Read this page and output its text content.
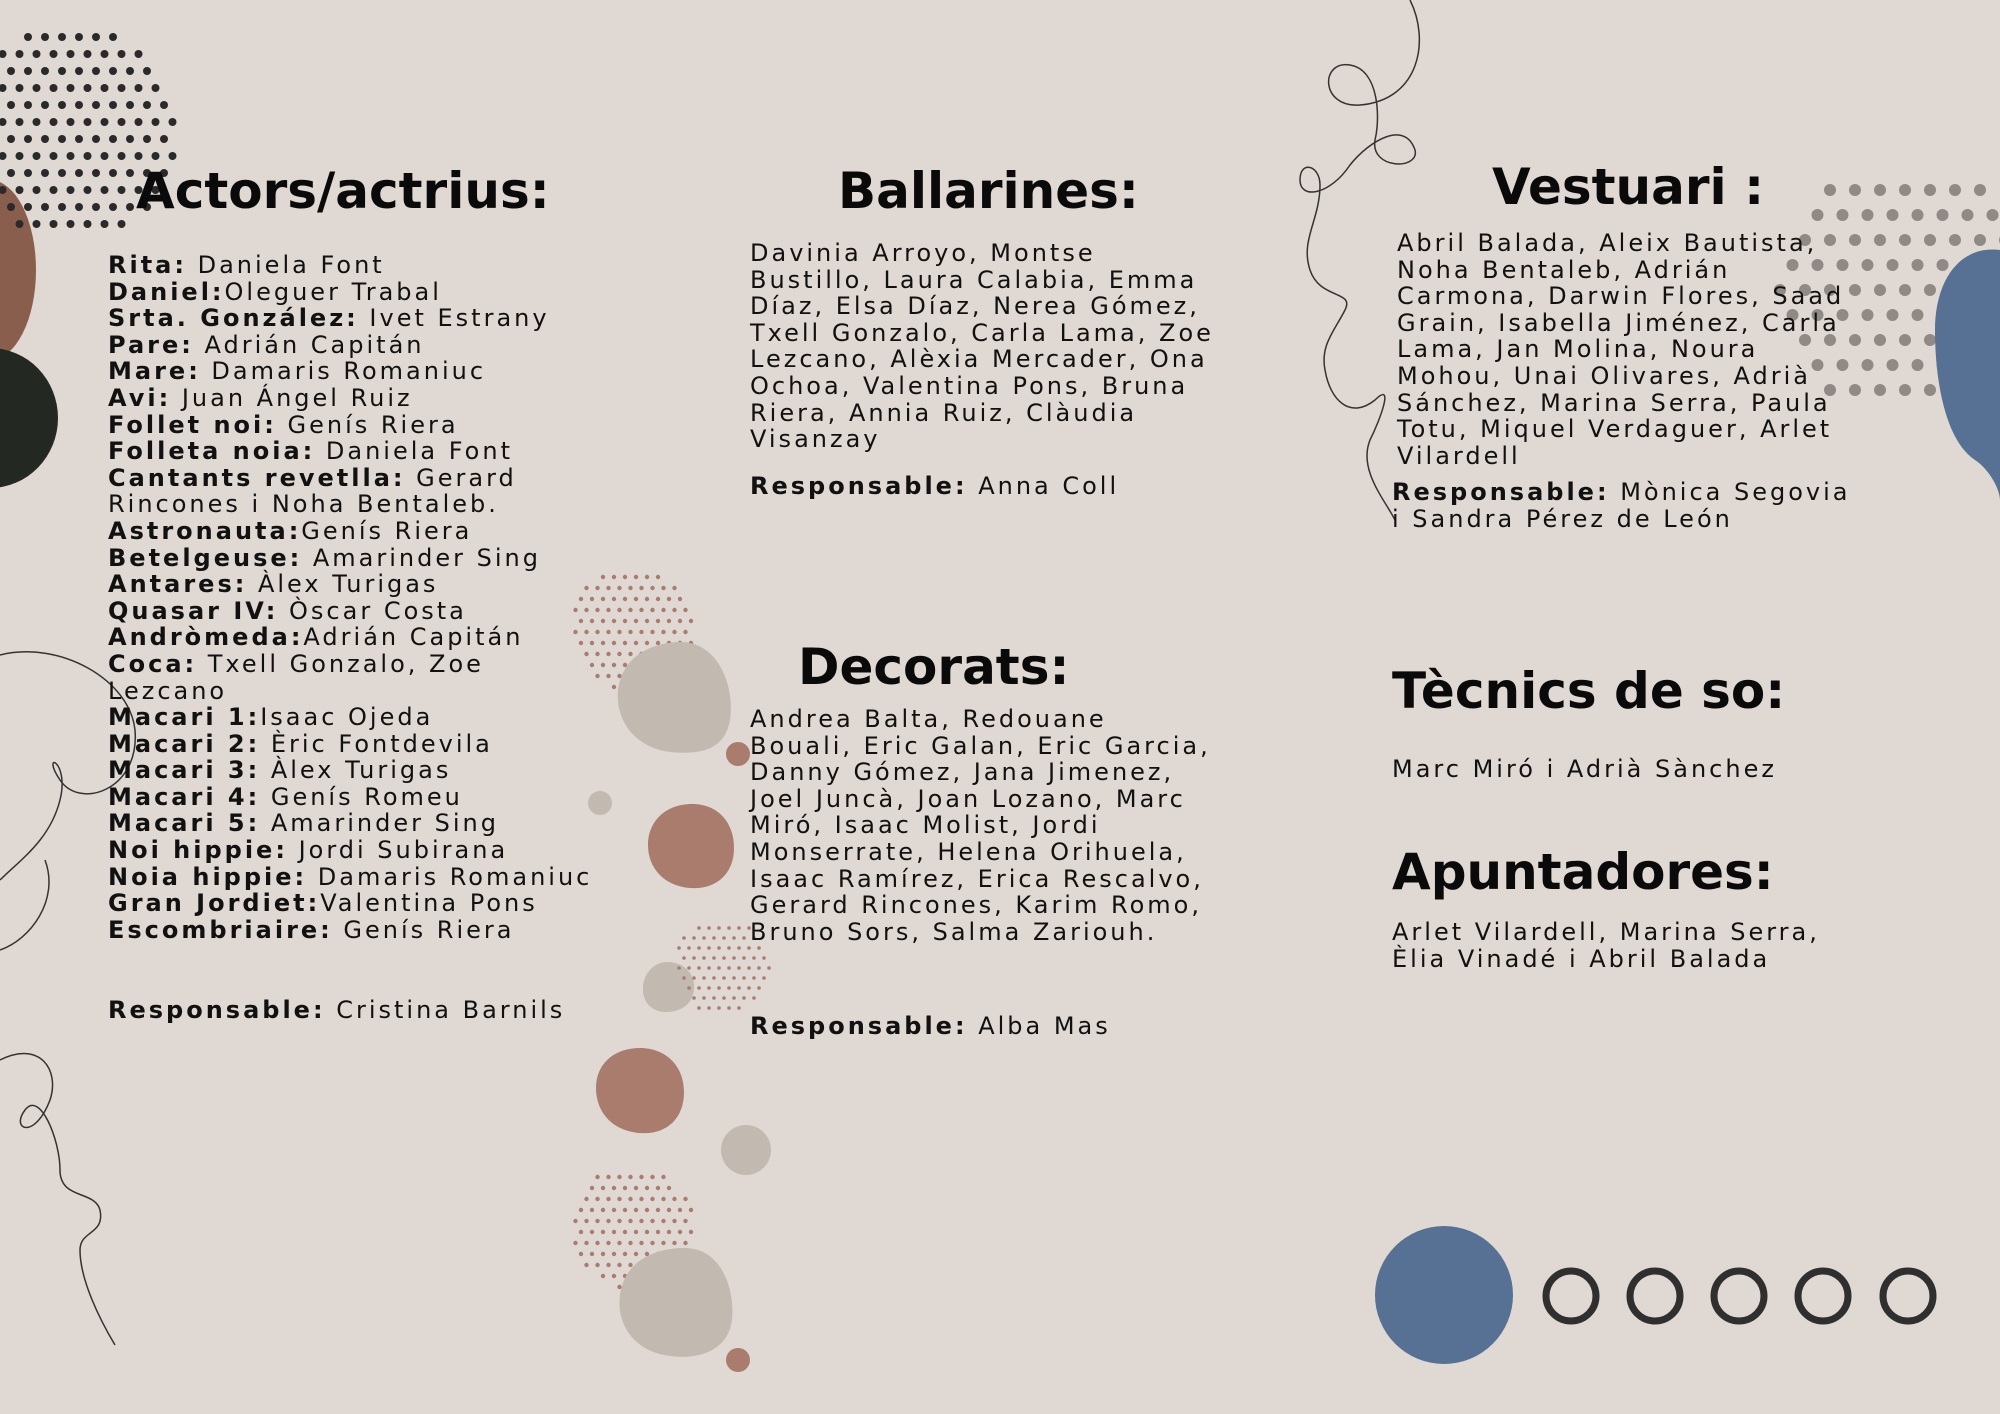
Actors/actrius:
Rita: Daniela Font
Daniel:Oleguer Trabal
Srta. González: Ivet Estrany
Pare: Adrián Capitán
Mare: Damaris Romaniuc
Avi: Juan Ángel Ruiz
Follet noi: Genís Riera
Folleta noia: Daniela Font
Cantants revetlla: Gerard Rincones i Noha Bentaleb.
Astronauta:Genís Riera
Betelgeuse: Amarinder Sing
Antares: Àlex Turigas
Quasar IV: Òscar Costa
Andròmeda:Adrián Capitán
Coca: Txell Gonzalo, Zoe Lezcano
Macari 1:Isaac Ojeda
Macari 2: Èric Fontdevila
Macari 3: Àlex Turigas
Macari 4: Genís Romeu
Macari 5: Amarinder Sing
Noi hippie: Jordi Subirana
Noia hippie: Damaris Romaniuc
Gran Jordiet:Valentina Pons
Escombriaire: Genís Riera
Responsable: Cristina Barnils
Ballarines:
Davinia Arroyo, Montse Bustillo, Laura Calabia, Emma Díaz, Elsa Díaz, Nerea Gómez, Txell Gonzalo, Carla Lama, Zoe Lezcano, Alèxia Mercader, Ona Ochoa, Valentina Pons, Bruna Riera, Annia Ruiz, Clàudia Visanzay
Responsable: Anna Coll
Decorats:
Andrea Balta, Redouane Bouali, Eric Galan, Eric Garcia, Danny Gómez, Jana Jimenez, Joel Juncà, Joan Lozano, Marc Miró, Isaac Molist, Jordi Monserrate, Helena Orihuela, Isaac Ramírez, Erica Rescalvo, Gerard Rincones, Karim Romo, Bruno Sors, Salma Zariouh.
Responsable: Alba Mas
Vestuari :
Abril Balada, Aleix Bautista, Noha Bentaleb, Adrián Carmona, Darwin Flores, Saad Grain, Isabella Jiménez, Carla Lama, Jan Molina, Noura Mohou, Unai Olivares, Adrià Sánchez, Marina Serra, Paula Totu, Miquel Verdaguer, Arlet Vilardell
Responsable: Mònica Segovia i Sandra Pérez de León
Tècnics de so:
Marc Miró i Adrià Sànchez
Apuntadores:
Arlet Vilardell, Marina Serra, Èlia Vinadé i Abril Balada
